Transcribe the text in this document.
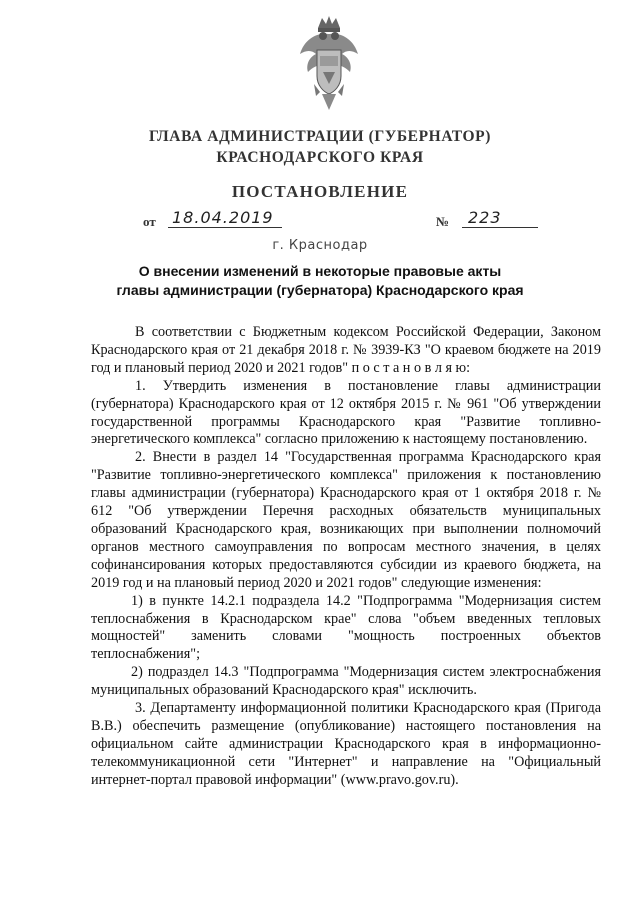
ГЛАВА АДМИНИСТРАЦИИ (ГУБЕРНАТОР)
КРАСНОДАРСКОГО КРАЯ
ПОСТАНОВЛЕНИЕ
от 18.04.2019	№	223
г. Краснодар
О внесении изменений в некоторые правовые акты
главы администрации (губернатора) Краснодарского края

В соответствии с Бюджетным кодексом Российской Федерации, Законом Краснодарского края от 21 декабря 2018 г. № 3939-КЗ "О краевом бюджете на 2019 год и плановый период 2020 и 2021 годов" п о с т а н о в л я ю:

1. Утвердить изменения в постановление главы администрации (губернатора) Краснодарского края от 12 октября 2015 г. № 961 "Об утверждении государственной программы Краснодарского края "Развитие топливно-энергетического комплекса" согласно приложению к настоящему постановлению.

2. Внести в раздел 14 "Государственная программа Краснодарского края "Развитие топливно-энергетического комплекса" приложения к постановлению главы администрации (губернатора) Краснодарского края от 1 октября 2018 г. № 612 "Об утверждении Перечня расходных обязательств муниципальных образований Краснодарского края, возникающих при выполнении полномочий органов местного самоуправления по вопросам местного значения, в целях софинансирования которых предоставляются субсидии из краевого бюджета, на 2019 год и на плановый период 2020 и 2021 годов" следующие изменения:

1) в пункте 14.2.1 подраздела 14.2 "Подпрограмма "Модернизация систем теплоснабжения в Краснодарском крае" слова "объем введенных тепловых мощностей" заменить словами "мощность построенных объектов теплоснабжения";

2) подраздел 14.3 "Подпрограмма "Модернизация систем электроснабжения муниципальных образований Краснодарского края" исключить.

3. Департаменту информационной политики Краснодарского края (Пригода В.В.) обеспечить размещение (опубликование) настоящего постановления на официальном сайте администрации Краснодарского края в информационно-телекоммуникационной сети "Интернет" и направление на "Официальный интернет-портал правовой информации" (www.pravo.gov.ru).
